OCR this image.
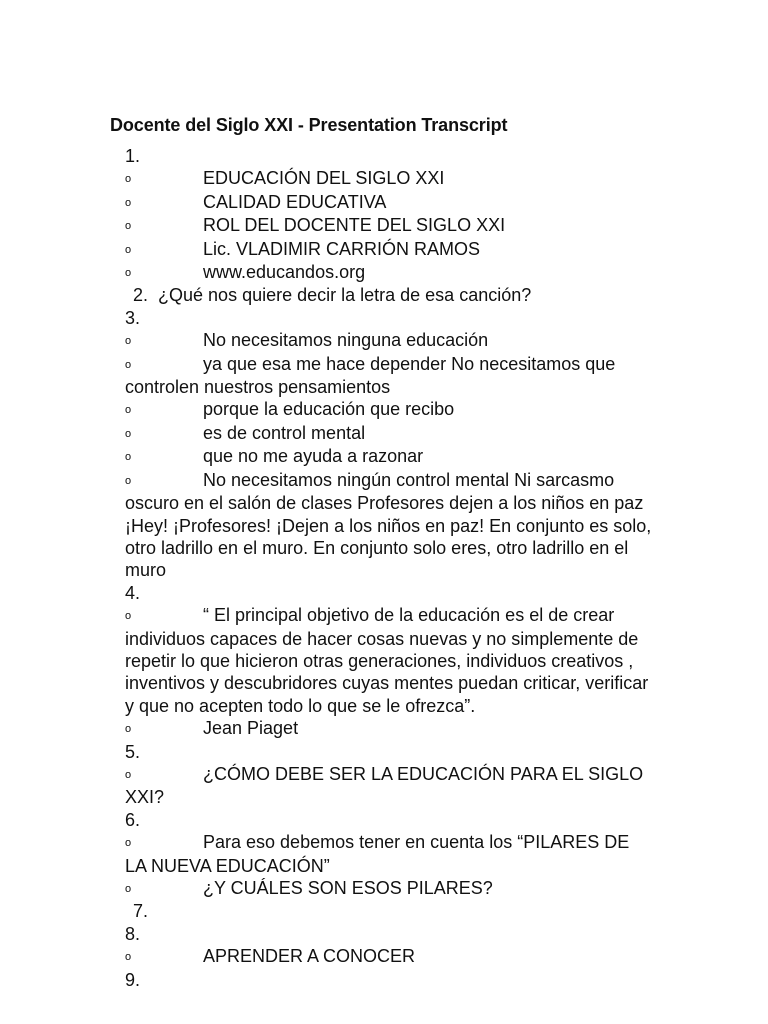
Docente del Siglo XXI - Presentation Transcript
1.
o	EDUCACIÓN DEL SIGLO XXI
o	CALIDAD EDUCATIVA
o	ROL DEL DOCENTE DEL SIGLO XXI
o	Lic. VLADIMIR CARRIÓN RAMOS
o	www.educandos.org
2. ¿Qué nos quiere decir la letra de esa canción?
3.
o	No necesitamos ninguna educación
o	ya que esa me hace depender No necesitamos que controlen nuestros pensamientos
o	porque la educación que recibo
o	es de control mental
o	que no me ayuda a razonar
o	No necesitamos ningún control mental Ni sarcasmo oscuro en el salón de clases Profesores dejen a los niños en paz ¡Hey! ¡Profesores! ¡Dejen a los niños en paz! En conjunto es solo, otro ladrillo en el muro. En conjunto solo eres, otro ladrillo en el muro
4.
o	“ El principal objetivo de la educación es el de crear individuos capaces de hacer cosas nuevas y no simplemente de repetir lo que hicieron otras generaciones, individuos creativos , inventivos y descubridores cuyas mentes puedan criticar, verificar y que no acepten todo lo que se le ofrezca”.
o	Jean Piaget
5.
o	¿CÓMO DEBE SER LA EDUCACIÓN PARA EL SIGLO XXI?
6.
o	Para eso debemos tener en cuenta los “PILARES DE LA NUEVA EDUCACIÓN”
o	¿Y CUÁLES SON ESOS PILARES?
7.
8.
o	APRENDER A CONOCER
9.
